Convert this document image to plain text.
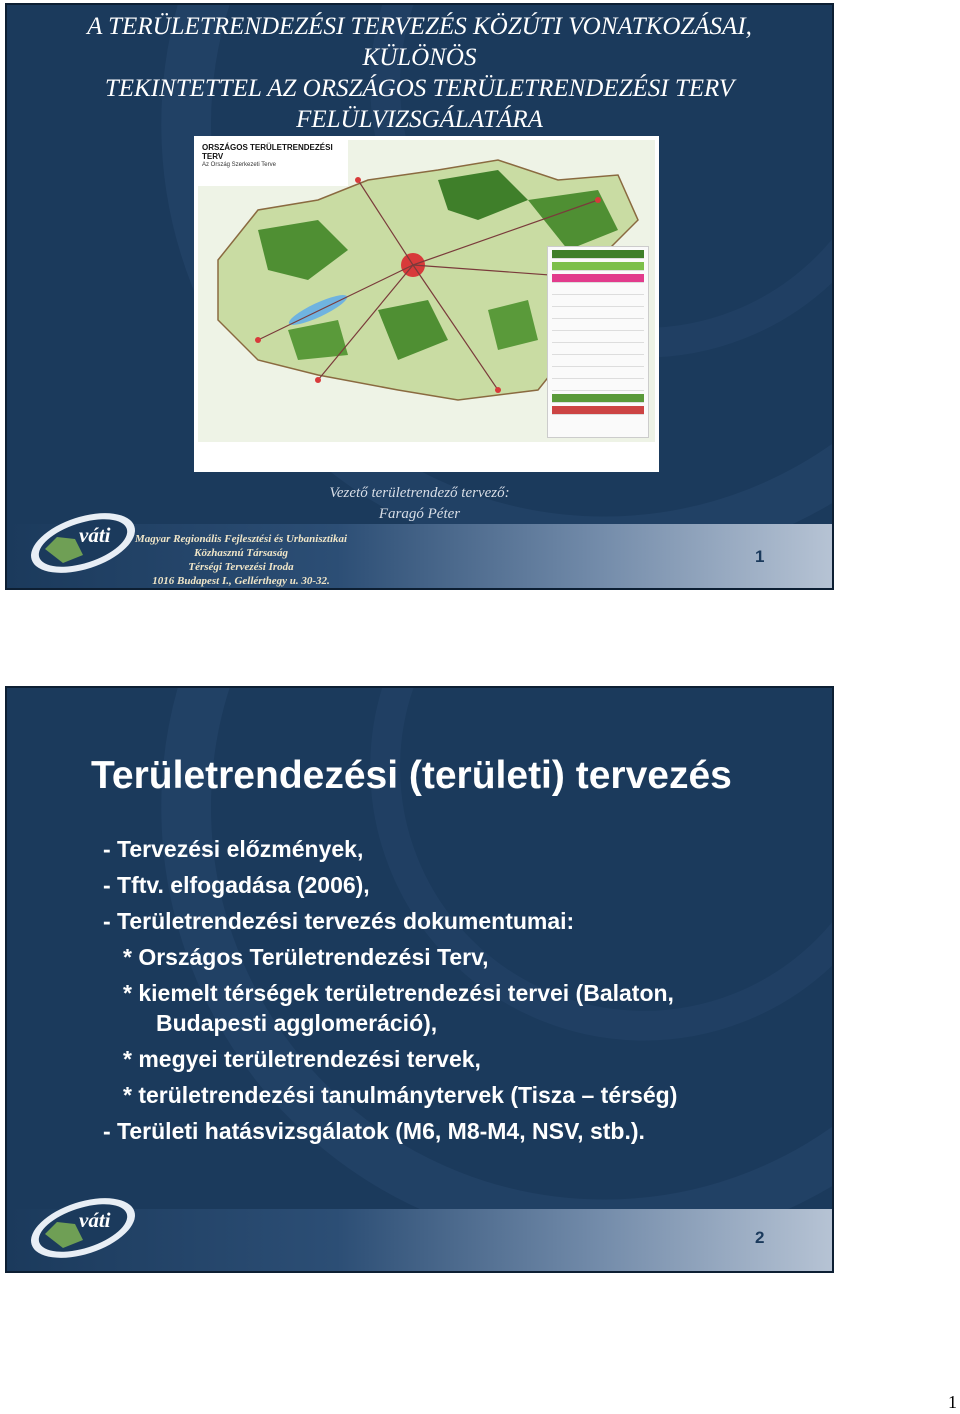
A TERÜLETRENDEZÉSI TERVEZÉS KÖZÚTI VONATKOZÁSAI,
KÜLÖNÖS
TEKINTETTEL AZ ORSZÁGOS TERÜLETRENDEZÉSI TERV
FELÜLVIZSGÁLATÁRA
ORSZÁGOS TERÜLETRENDEZÉSI TERV
Az Ország Szerkezeti Terve
Vezető területrendező tervező:
Faragó Péter
váti Magyar Regionális Fejlesztési és Urbanisztikai
Közhasznú Társaság
Térségi Tervezési Iroda
1016 Budapest I., Gellérthegy u. 30-32.
1
Területrendezési (területi) tervezés
- Tervezési előzmények,
- Tftv. elfogadása (2006),
- Területrendezési tervezés dokumentumai:
* Országos Területrendezési Terv,
* kiemelt térségek területrendezési tervei (Balaton,
Budapesti agglomeráció),
* megyei területrendezési tervek,
* területrendezési tanulmánytervek (Tisza – térség)
- Területi hatásvizsgálatok (M6, M8-M4, NSV, stb.).
váti
2
1
